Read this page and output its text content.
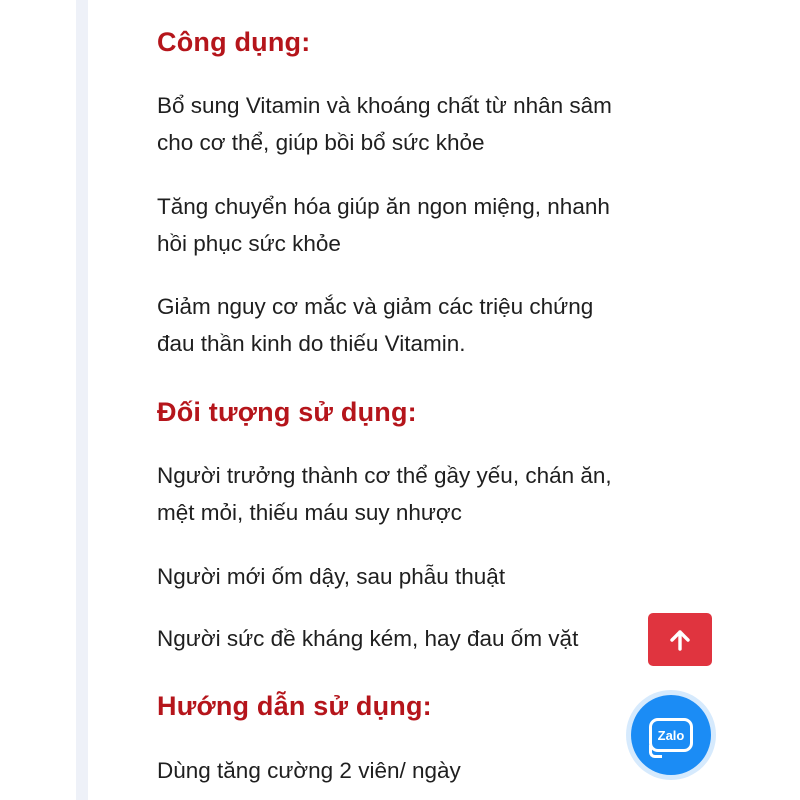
Công dụng:

Bổ sung Vitamin và khoáng chất từ nhân sâm
cho cơ thể, giúp bồi bổ sức khỏe

Tăng chuyển hóa giúp ăn ngon miệng, nhanh
hồi phục sức khỏe

Giảm nguy cơ mắc và giảm các triệu chứng
đau thần kinh do thiếu Vitamin.

Đối tượng sử dụng:

Người trưởng thành cơ thể gầy yếu, chán ăn,
mệt mỏi, thiếu máu suy nhược

Người mới ốm dậy, sau phẫu thuật

Người sức đề kháng kém, hay đau ốm vặt

Hướng dẫn sử dụng:

Dùng tăng cường 2 viên/ ngày

Zalo
